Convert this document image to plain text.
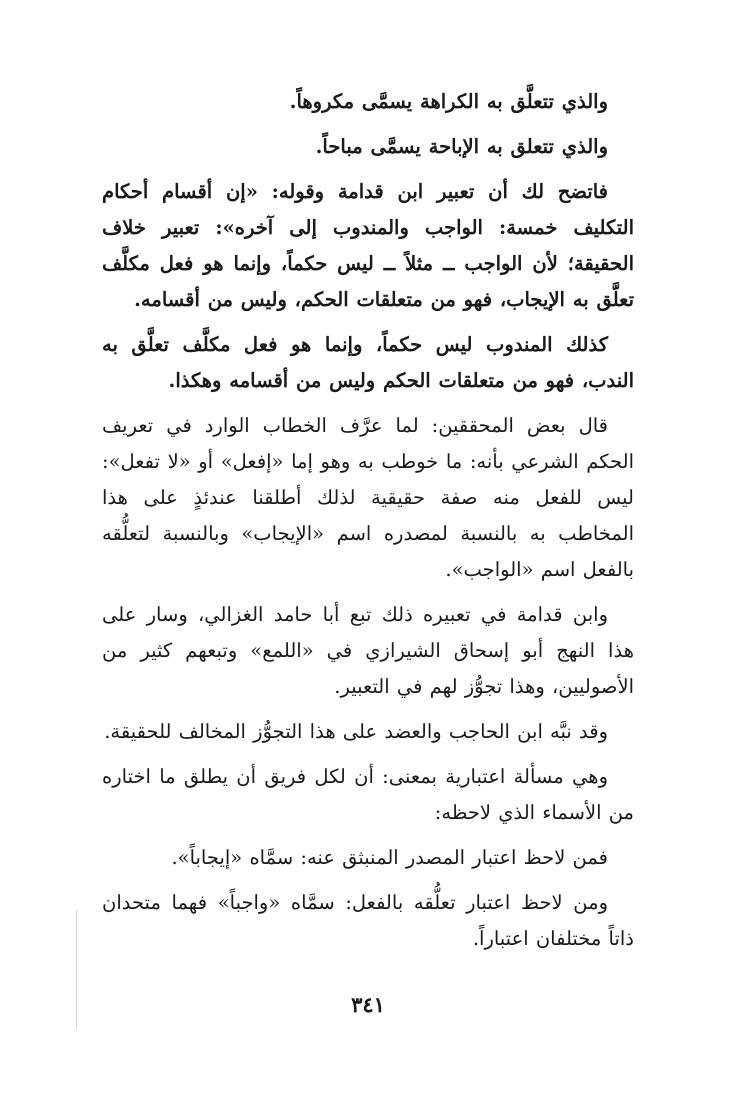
والذي تتعلَّق به الكراهة يسمَّى مكروهاً.

والذي تتعلق به الإباحة يسمَّى مباحاً.

فاتضح لك أن تعبير ابن قدامة وقوله: «إن أقسام أحكام التكليف خمسة: الواجب والمندوب إلى آخره»: تعبير خلاف الحقيقة؛ لأن الواجب ــ مثلاً ــ ليس حكماً، وإنما هو فعل مكلَّف تعلَّق به الإيجاب، فهو من متعلقات الحكم، وليس من أقسامه.

كذلك المندوب ليس حكماً، وإنما هو فعل مكلَّف تعلَّق به الندب، فهو من متعلقات الحكم وليس من أقسامه وهكذا.

قال بعض المحققين: لما عرَّف الخطاب الوارد في تعريف الحكم الشرعي بأنه: ما خوطب به وهو إما «إفعل» أو «لا تفعل»: ليس للفعل منه صفة حقيقية لذلك أطلقنا عندئذٍ على هذا المخاطب به بالنسبة لمصدره اسم «الإيجاب» وبالنسبة لتعلُّقه بالفعل اسم «الواجب».

وابن قدامة في تعبيره ذلك تبع أبا حامد الغزالي، وسار على هذا النهج أبو إسحاق الشيرازي في «اللمع» وتبعهم كثير من الأصوليين، وهذا تجوُّز لهم في التعبير.

وقد نبَّه ابن الحاجب والعضد على هذا التجوُّز المخالف للحقيقة.

وهي مسألة اعتبارية بمعنى: أن لكل فريق أن يطلق ما اختاره من الأسماء الذي لاحظه:

فمن لاحظ اعتبار المصدر المنبثق عنه: سمَّاه «إيجاباً».

ومن لاحظ اعتبار تعلُّقه بالفعل: سمَّاه «واجباً» فهما متحدان ذاتاً مختلفان اعتباراً.

٣٤١
